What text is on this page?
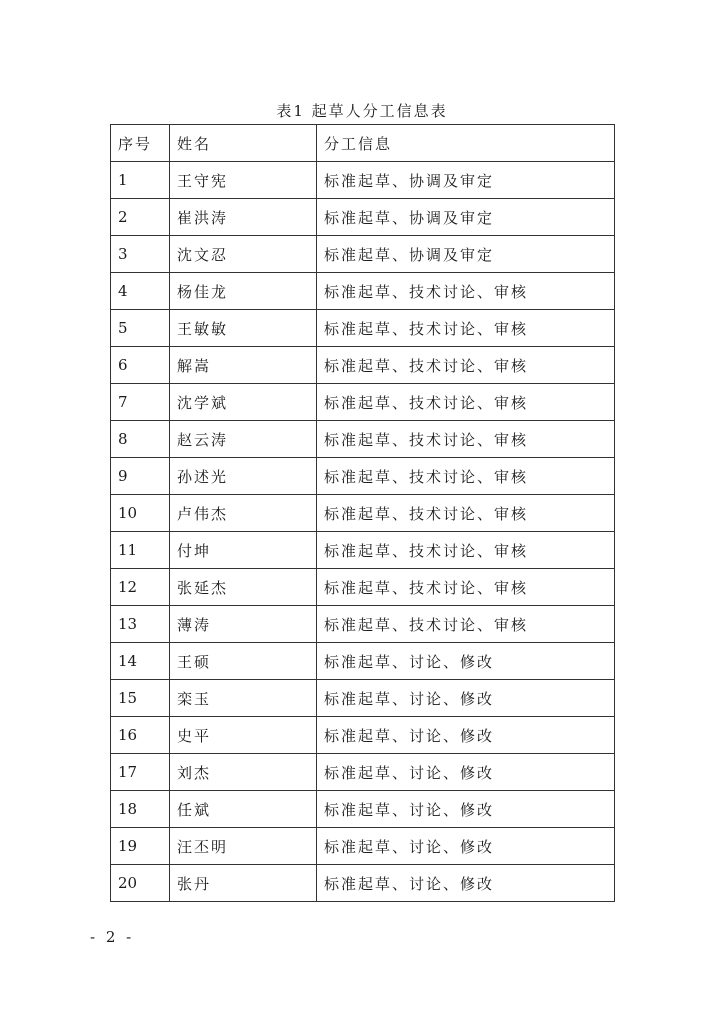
表1 起草人分工信息表
序号	姓名	分工信息
1	王守宪	标准起草、协调及审定
2	崔洪涛	标准起草、协调及审定
3	沈文忍	标准起草、协调及审定
4	杨佳龙	标准起草、技术讨论、审核
5	王敏敏	标准起草、技术讨论、审核
6	解嵩	标准起草、技术讨论、审核
7	沈学斌	标准起草、技术讨论、审核
8	赵云涛	标准起草、技术讨论、审核
9	孙述光	标准起草、技术讨论、审核
10	卢伟杰	标准起草、技术讨论、审核
11	付坤	标准起草、技术讨论、审核
12	张延杰	标准起草、技术讨论、审核
13	薄涛	标准起草、技术讨论、审核
14	王硕	标准起草、讨论、修改
15	栾玉	标准起草、讨论、修改
16	史平	标准起草、讨论、修改
17	刘杰	标准起草、讨论、修改
18	任斌	标准起草、讨论、修改
19	汪丕明	标准起草、讨论、修改
20	张丹	标准起草、讨论、修改
- 2 -
